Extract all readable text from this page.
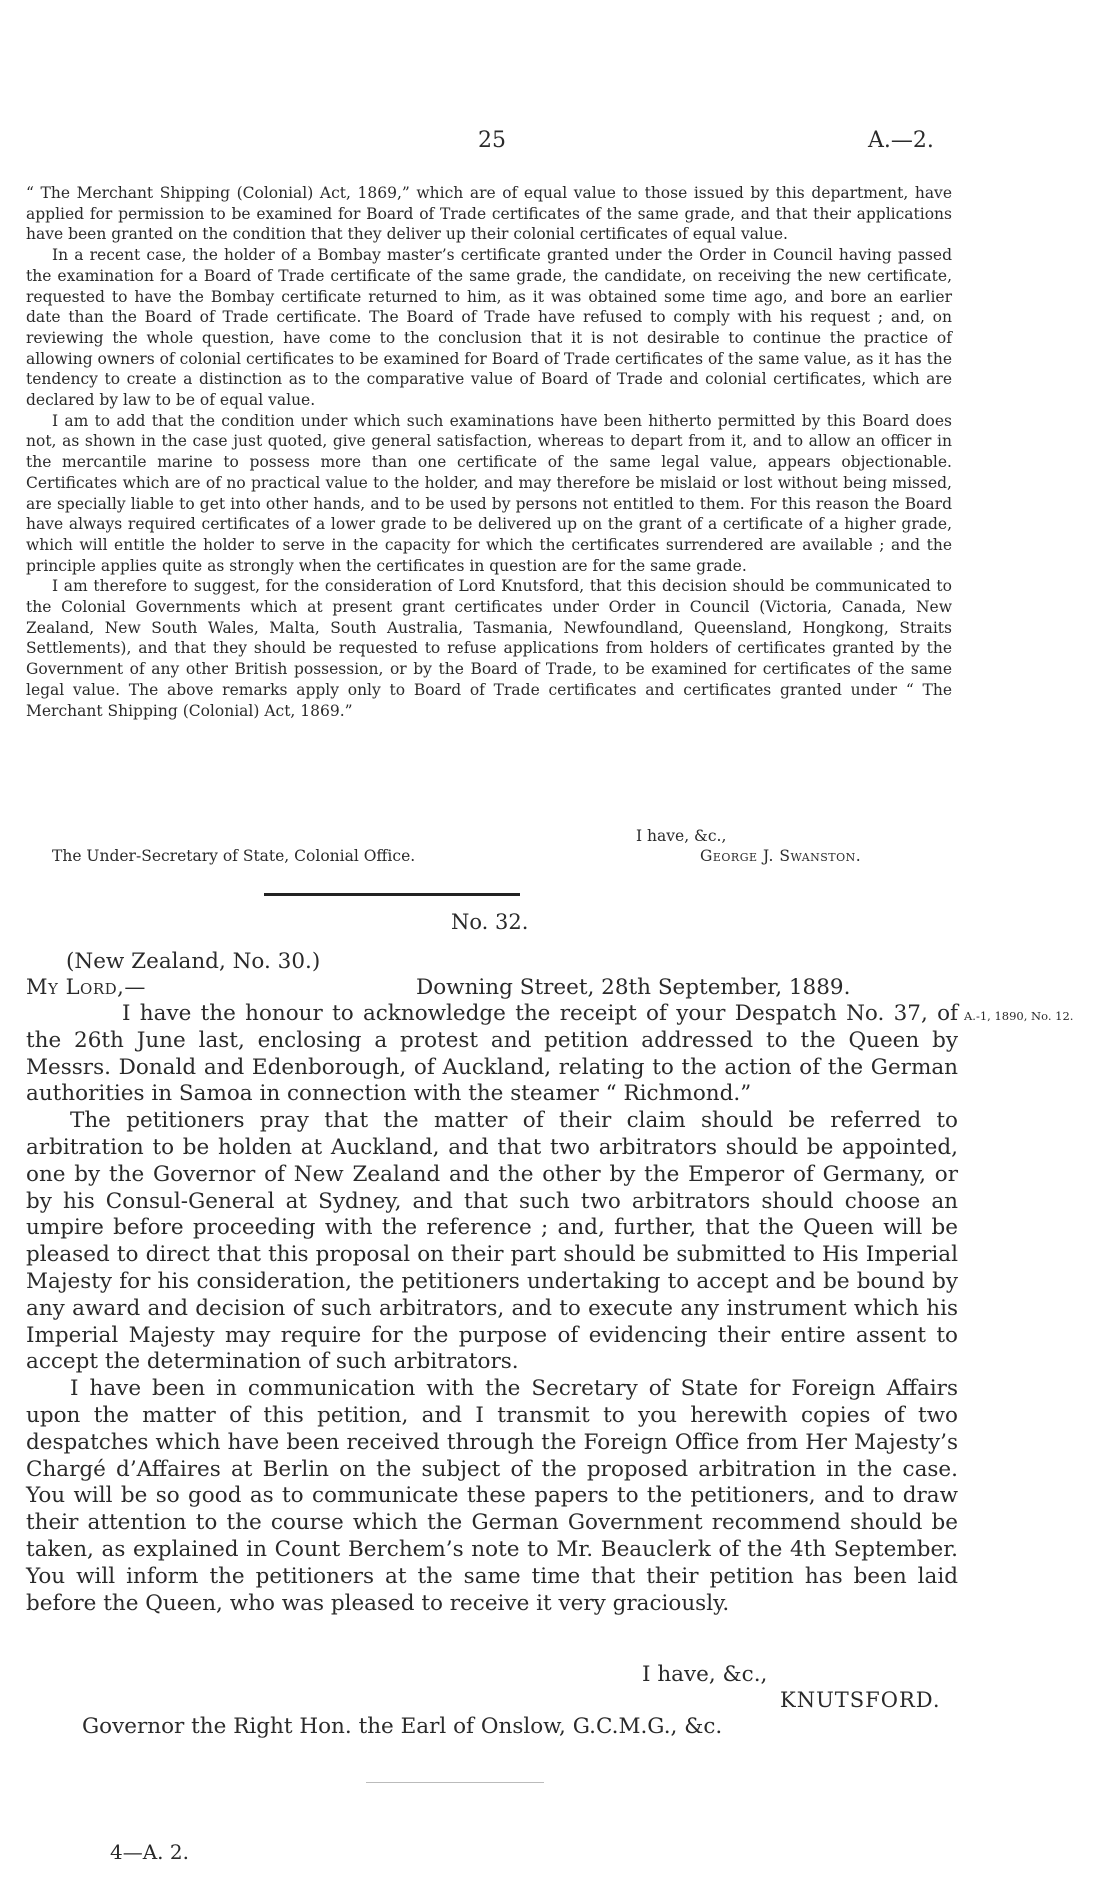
25	A.—2.

“ The Merchant Shipping (Colonial) Act, 1869,” which are of equal value to those issued by this department, have applied for permission to be examined for Board of Trade certificates of the same grade, and that their applications have been granted on the condition that they deliver up their colonial certificates of equal value.

In a recent case, the holder of a Bombay master’s certificate granted under the Order in Council having passed the examination for a Board of Trade certificate of the same grade, the candidate, on receiving the new certificate, requested to have the Bombay certificate returned to him, as it was obtained some time ago, and bore an earlier date than the Board of Trade certificate. The Board of Trade have refused to comply with his request ; and, on reviewing the whole question, have come to the conclusion that it is not desirable to continue the practice of allowing owners of colonial certificates to be examined for Board of Trade certificates of the same value, as it has the tendency to create a distinction as to the comparative value of Board of Trade and colonial certificates, which are declared by law to be of equal value.

I am to add that the condition under which such examinations have been hitherto permitted by this Board does not, as shown in the case just quoted, give general satisfaction, whereas to depart from it, and to allow an officer in the mercantile marine to possess more than one certificate of the same legal value, appears objectionable. Certificates which are of no practical value to the holder, and may therefore be mislaid or lost without being missed, are specially liable to get into other hands, and to be used by persons not entitled to them. For this reason the Board have always required certificates of a lower grade to be delivered up on the grant of a certificate of a higher grade, which will entitle the holder to serve in the capacity for which the certificates surrendered are available ; and the principle applies quite as strongly when the certificates in question are for the same grade.

I am therefore to suggest, for the consideration of Lord Knutsford, that this decision should be communicated to the Colonial Governments which at present grant certificates under Order in Council (Victoria, Canada, New Zealand, New South Wales, Malta, South Australia, Tasmania, Newfoundland, Queensland, Hongkong, Straits Settlements), and that they should be requested to refuse applications from holders of certificates granted by the Government of any other British possession, or by the Board of Trade, to be examined for certificates of the same legal value. The above remarks apply only to Board of Trade certificates and certificates granted under “ The Merchant Shipping (Colonial) Act, 1869.”

I have, &c.,
The Under-Secretary of State, Colonial Office.	George J. Swanston.
No. 32.
(New Zealand, No. 30.)
My Lord,—	Downing Street, 28th September, 1889.
A.-1, 1890, No. 12.

I have the honour to acknowledge the receipt of your Despatch No. 37, of the 26th June last, enclosing a protest and petition addressed to the Queen by Messrs. Donald and Edenborough, of Auckland, relating to the action of the German authorities in Samoa in connection with the steamer “ Richmond.”

The petitioners pray that the matter of their claim should be referred to arbitration to be holden at Auckland, and that two arbitrators should be appointed, one by the Governor of New Zealand and the other by the Emperor of Germany, or by his Consul-General at Sydney, and that such two arbitrators should choose an umpire before proceeding with the reference ; and, further, that the Queen will be pleased to direct that this proposal on their part should be submitted to His Imperial Majesty for his consideration, the petitioners undertaking to accept and be bound by any award and decision of such arbitrators, and to execute any instrument which his Imperial Majesty may require for the purpose of evidencing their entire assent to accept the determination of such arbitrators.

I have been in communication with the Secretary of State for Foreign Affairs upon the matter of this petition, and I transmit to you herewith copies of two despatches which have been received through the Foreign Office from Her Majesty’s Chargé d’Affaires at Berlin on the subject of the proposed arbitration in the case. You will be so good as to communicate these papers to the petitioners, and to draw their attention to the course which the German Government recommend should be taken, as explained in Count Berchem’s note to Mr. Beauclerk of the 4th September. You will inform the petitioners at the same time that their petition has been laid before the Queen, who was pleased to receive it very graciously.

I have, &c.,
KNUTSFORD.
Governor the Right Hon. the Earl of Onslow, G.C.M.G., &c.
4—A. 2.
